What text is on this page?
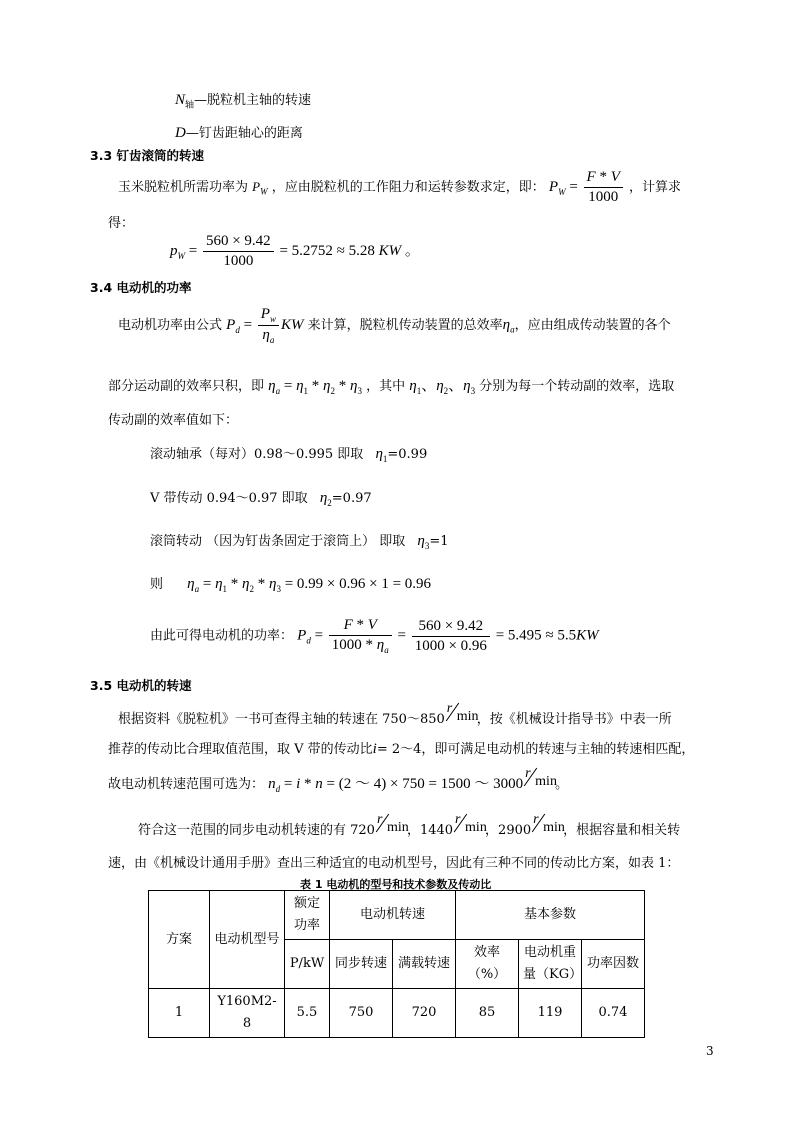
$N_轴—$脱粒机主轴的转速
D—钉齿距轴心的距离
3.3 钉齿滚筒的转速
玉米脱粒机所需功率为 $P_W$ ，应由脱粒机的工作阻力和运转参数求定，即： $P_W = \frac{F * V}{1000}$ ，计算求
得：
$p_W = \frac{560 \times 9.42}{1000} = 5.2752 \approx 5.28$ KW 。
3.4 电动机的功率
电动机功率由公式 $P_d = \frac{P_w}{\eta_a}$ KW 来计算，脱粒机传动装置的总效率$\eta_a$，应由组成传动装置的各个
部分运动副的效率只积，即 $\eta_a = \eta_1 * \eta_2 * \eta_3$ ，其中 $\eta_1$、$\eta_2$、$\eta_3$ 分别为每一个转动副的效率，选取
传动副的效率值如下：
滚动轴承（每对）0.98～0.995 即取 $\eta_1=0.99$
V 带传动 0.94～0.97 即取 $\eta_2=0.97$
滚筒转动 （因为钉齿条固定于滚筒上） 即取 $\eta_3=1$
则 $\eta_a = \eta_1 * \eta_2 * \eta_3 = 0.99 \times 0.96 \times 1 = 0.96$
由此可得电动机的功率： $P_d = \frac{F * V}{1000 * \eta_a} = \frac{560 \times 9.42}{1000 \times 0.96} = 5.495 \approx 5.5KW$
3.5 电动机的转速
根据资料《脱粒机》一书可查得主轴的转速在 750～850
r
min
，按《机械设计指导书》中表一所
推荐的传动比合理取值范围，取 V 带的传动比i= 2～4，即可满足电动机的转速与主轴的转速相匹配，
故电动机转速范围可选为： $n_d = i * n = (2$ ～ 4) × 750 = 1500 ～ 3000
r
min
。
符合这一范围的同步电动机转速的有 720
r
min
，1440
r
min
，2900
r
min
，根据容量和相关转
速，由《机械设计通用手册》查出三种适宜的电动机型号，因此有三种不同的传动比方案，如表 1：
表 1 电动机的型号和技术参数及传动比
方案	电动机型号	额定功率	电动机转速		基本参数		
		P/kW	同步转速	满载转速	效率（%）	电动机重量（KG）	功率因数
1	Y160M2-8	5.5	750	720	85	119	0.74
3
